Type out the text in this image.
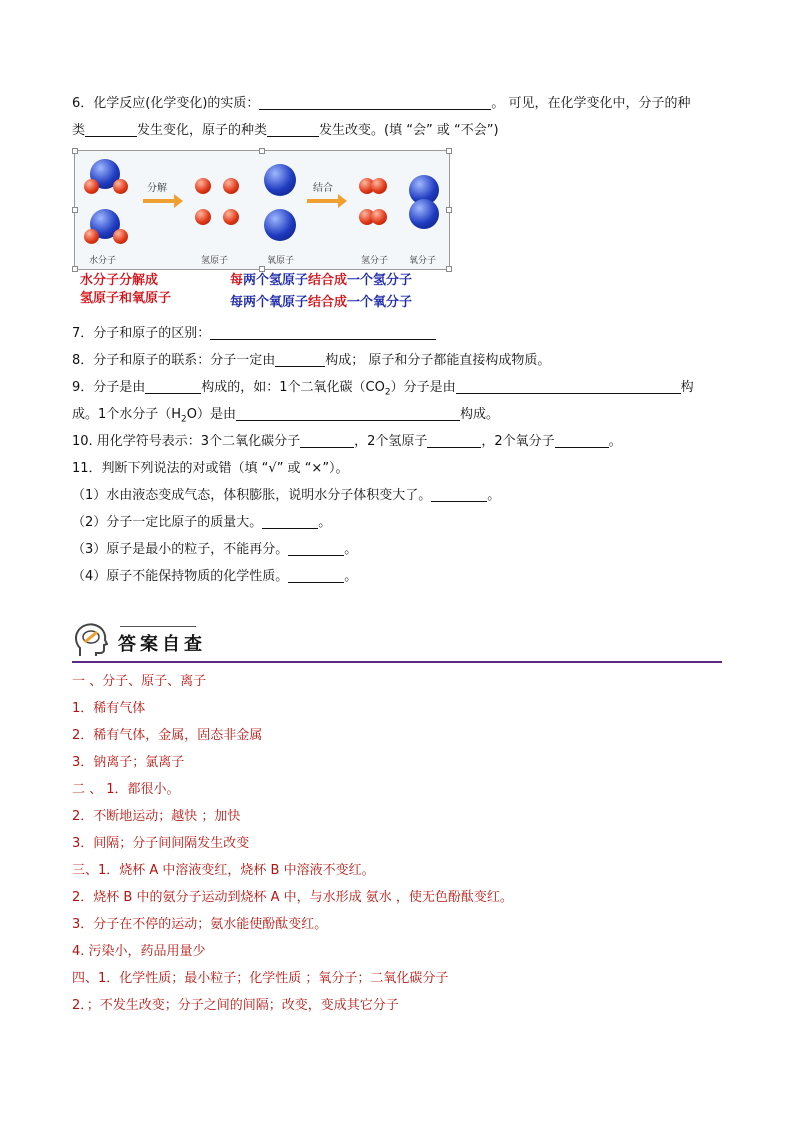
6．化学反应(化学变化)的实质：	。 可见，在化学变化中，分子的种
类	发生变化，原子的种类	发生改变。(填 “会” 或 “不会”)
水分子
分解
氢原子	氧原子
结合
氢分子 氧分子
水分子分解成
氢原子和氧原子
每两个氢原子结合成一个氢分子
每两个氧原子结合成一个氧分子
7．分子和原子的区别：
8．分子和原子的联系：分子一定由	构成； 原子和分子都能直接构成物质。
9．分子是由	构成的，如：1个二氧化碳$(CO_2)$分子是由	构
成。1个水分子$(H_2O)$是由	构成。
10. 用化学符号表示：3个二氧化碳分子	，2个氢原子	，2个氧分子	。
11．判断下列说法的对或错（填 “√” 或 “×”）。
（1）水由液态变成气态，体积膨胀，说明水分子体积变大了。	。
（2）分子一定比原子的质量大。	。
（3）原子是最小的粒子，不能再分。	。
（4）原子不能保持物质的化学性质。	。
答案自查
一 、分子、原子、离子
1．稀有气体
2．稀有气体，金属，固态非金属
3．钠离子；氯离子
二 、 1．都很小。
2．不断地运动；越快 ；加快
3．间隔；分子间间隔发生改变
三、1．烧杯 A 中溶液变红，烧杯 B 中溶液不变红。
2．烧杯 B 中的氨分子运动到烧杯 A 中，与水形成 氨水 ，使无色酚酞变红。
3．分子在不停的运动；氨水能使酚酞变红。
4. 污染小，药品用量少
四、1．化学性质；最小粒子；化学性质 ；氧分子；二氧化碳分子
2．；不发生改变；分子之间的间隔；改变，变成其它分子
